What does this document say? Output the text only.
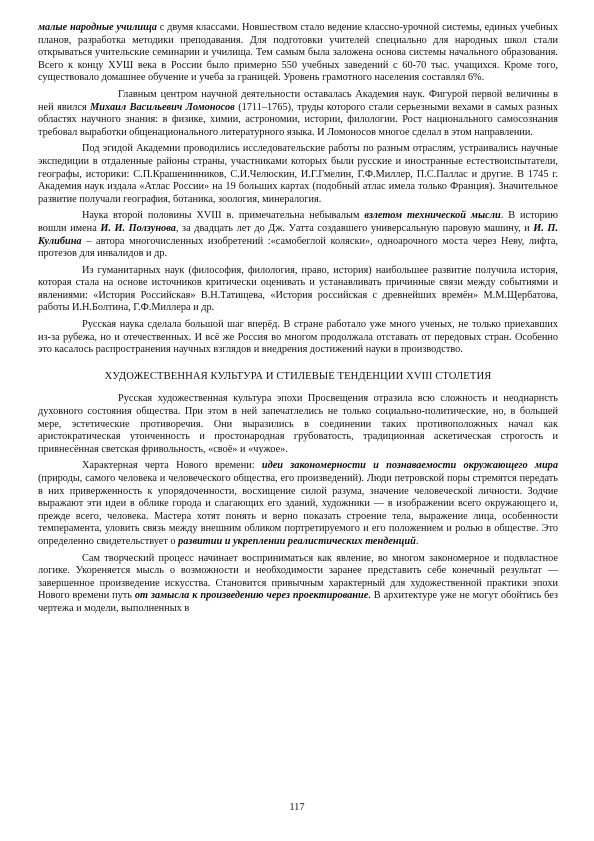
малые народные училища с двумя классами. Новшеством стало ведение классно-урочной системы, единых учебных планов, разработка методики преподавания. Для подготовки учителей специально для народных школ стали открываться учительские семинарии и училища. Тем самым была заложена основа системы начального образования. Всего к концу ХУШ века в России было примерно 550 учебных заведений с 60-70 тыс. учащихся. Кроме того, существовало домашнее обучение и учеба за границей. Уровень грамотного населения составлял 6%.

Главным центром научной деятельности оставалась Академия наук. Фигурой первой величины в ней явился Михаил Васильевич Ломоносов (1711–1765), труды которого стали серьезными вехами в самых разных областях научного знания: в физике, химии, астрономии, истории, филологии. Рост национального самосознания требовал выработки общенационального литературного языка. И Ломоносов многое сделал в этом направлении.

Под эгидой Академии проводились исследовательские работы по разным отраслям, устраивались научные экспедиции в отдаленные районы страны, участниками которых были русские и иностранные естествоиспытатели, географы, историки: С.П.Крашенинников, С.И.Челюскин, И.Г.Гмелин, Г.Ф.Миллер, П.С.Паллас и другие. В 1745 г. Академия наук издала «Атлас России» на 19 больших картах (подобный атлас имела только Франция). Значительное развитие получали география, ботаника, зоология, минералогия.

Наука второй половины XVIII в. примечательна небывалым взлетом технической мысли. В историю вошли имена И. И. Ползунова, за двадцать лет до Дж. Уатта создавшего универсальную паровую машину, и И. П. Кулибина – автора многочисленных изобретений :«самобеглой коляски», одноарочного моста через Неву, лифта, протезов для инвалидов и др.

Из гуманитарных наук (философия, филология, право, история) наибольшее развитие получила история, которая стала на основе источников критически оценивать и устанавливать причинные связи между событиями и явлениями: «История Российская» В.Н.Татищева, «История российская с древнейших времён» М.М.Щербатова, работы И.Н.Болтина, Г.Ф.Миллера и др.

Русская наука сделала большой шаг вперёд. В стране работало уже много ученых, не только приехавших из-за рубежа, но и отечественных. И всё же Россия во многом продолжала отставать от передовых стран. Особенно это касалось распространения научных взглядов и внедрения достижений науки в производство.

ХУДОЖЕСТВЕННАЯ КУЛЬТУРА И СТИЛЕВЫЕ ТЕНДЕНЦИИ XVIII СТОЛЕТИЯ

Русская художественная культура эпохи Просвещения отразила всю сложность и неоднарнсть духовного состояния общества. При этом в ней запечатлелись не только социально-политические, но, в большей мере, эстетические противоречия. Они выразились в соединении таких противоположных начал как аристократическая утонченность и простонародная грубоватость, традиционная аскетическая строгость и привнесённая светская фривольность, «своё» и «чужое».

Характерная черта Нового времени: идеи закономерности и познаваемости окружающего мира (природы, самого человека и человеческого общества, его произведений). Люди петровской поры стремятся передать в них приверженность к упорядоченности, восхищение силой разума, значение человеческой личности. Зодчие выражают эти идеи в облике города и слагающих его зданий, художники — в изображении всего окружающего и, прежде всего, человека. Мастера хотят понять и верно показать строение тела, выражение лица, особенности темперамента, уловить связь между внешним обликом портретируемого и его положением и ролью в обществе. Это определенно свидетельствует о развитии и укреплении реалистических тенденций.

Сам творческий процесс начинает восприниматься как явление, во многом закономерное и подвластное логике. Укореняется мысль о возможности и необходимости заранее представить себе конечный результат — завершенное произведение искусства. Становится привычным характерный для художественной практики эпохи Нового времени путь от замысла к произведению через проектирование. В архитектуре уже не могут обойтись без чертежа и модели, выполненных в

117
